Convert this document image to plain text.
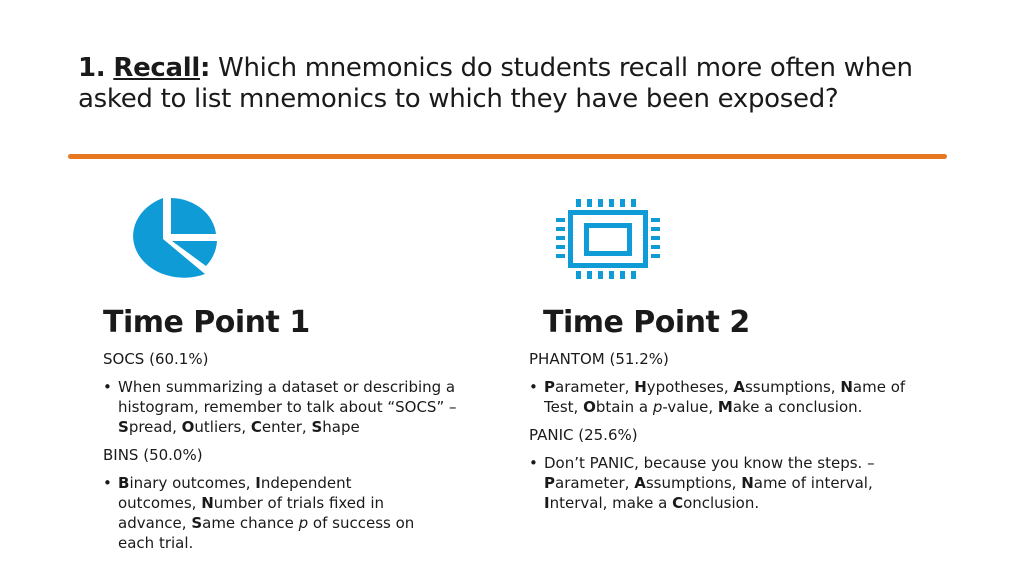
1. Recall: Which mnemonics do students recall more often when asked to list mnemonics to which they have been exposed?
Time Point 1
SOCS (60.1%)
• When summarizing a dataset or describing a histogram, remember to talk about “SOCS” – Spread, Outliers, Center, Shape
BINS (50.0%)
• Binary outcomes, Independent outcomes, Number of trials fixed in advance, Same chance p of success on each trial.
Time Point 2
PHANTOM (51.2%)
• Parameter, Hypotheses, Assumptions, Name of Test, Obtain a p-value, Make a conclusion.
PANIC (25.6%)
• Don’t PANIC, because you know the steps. – Parameter, Assumptions, Name of interval, Interval, make a Conclusion.
